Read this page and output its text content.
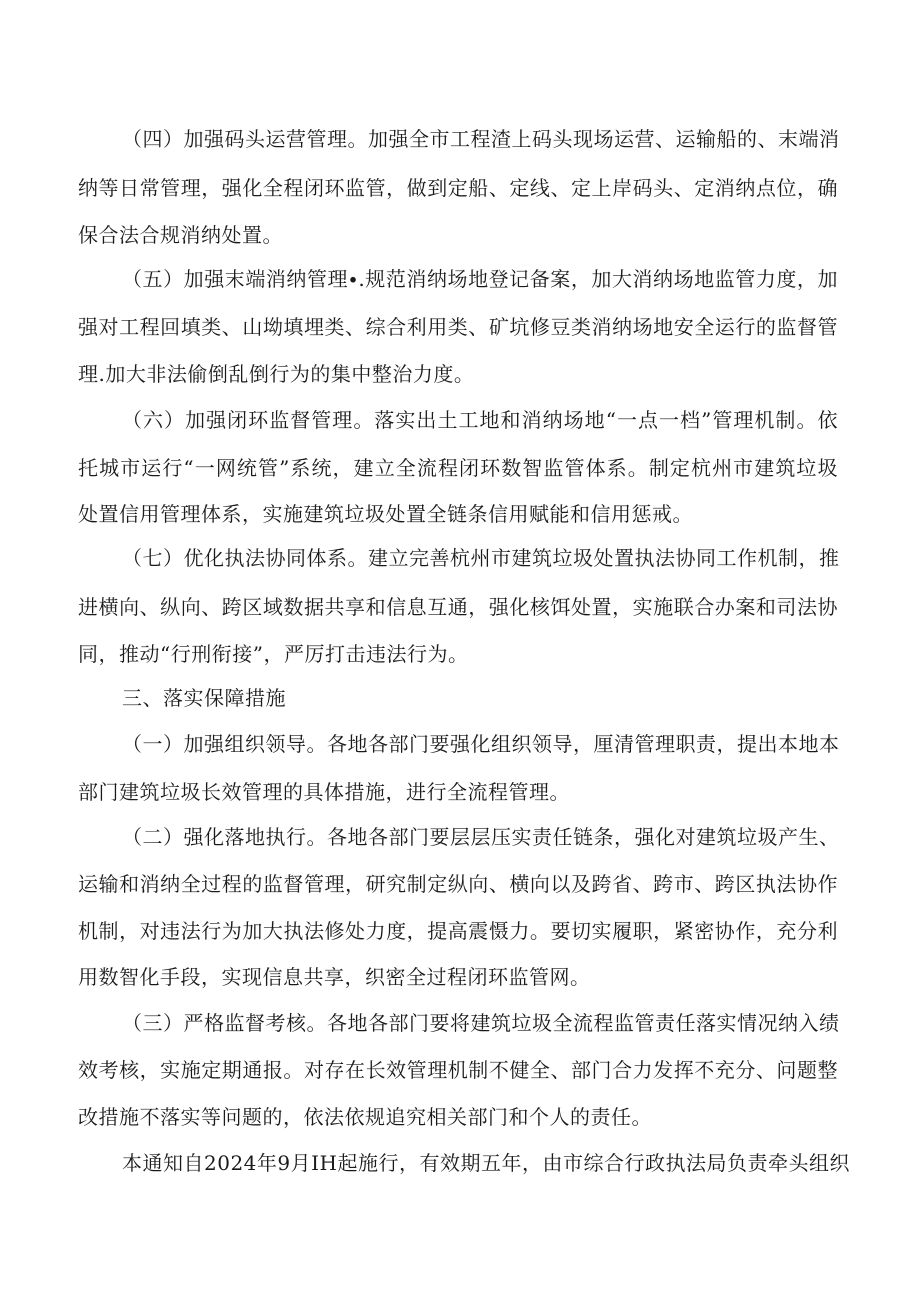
（四）加强码头运营管理。加强全市工程渣上码头现场运营、运输船的、末端消
纳等日常管理，强化全程闭环监管，做到定船、定线、定上岸码头、定消纳点位，确
保合法合规消纳处置。
（五）加强末端消纳管理∙.规范消纳场地登记备案，加大消纳场地监管力度，加
强对工程回填类、山坳填埋类、综合利用类、矿坑修豆类消纳场地安全运行的监督管
理.加大非法偷倒乱倒行为的集中整治力度。
（六）加强闭环监督管理。落实出土工地和消纳场地“一点一档”管理机制。依
托城市运行“一网统管”系统，建立全流程闭环数智监管体系。制定杭州市建筑垃圾
处置信用管理体系，实施建筑垃圾处置全链条信用赋能和信用惩戒。
（七）优化执法协同体系。建立完善杭州市建筑垃圾处置执法协同工作机制，推
进横向、纵向、跨区域数据共享和信息互通，强化核饵处置，实施联合办案和司法协
同，推动“行刑衔接”，严厉打击违法行为。
三、落实保障措施
（一）加强组织领导。各地各部门要强化组织领导，厘清管理职责，提出本地本
部门建筑垃圾长效管理的具体措施，进行全流程管理。
（二）强化落地执行。各地各部门要层层压实责任链条，强化对建筑垃圾产生、
运输和消纳全过程的监督管理，研究制定纵向、横向以及跨省、跨市、跨区执法协作
机制，对违法行为加大执法修处力度，提高震慑力。要切实履职，紧密协作，充分利
用数智化手段，实现信息共享，织密全过程闭环监管网。
（三）严格监督考核。各地各部门要将建筑垃圾全流程监管责任落实情况纳入绩
效考核，实施定期通报。对存在长效管理机制不健全、部门合力发挥不充分、问题整
改措施不落实等问题的，依法依规追究相关部门和个人的责任。
本通知自2024年9月IH起施行，有效期五年，由市综合行政执法局负责牵头组织
